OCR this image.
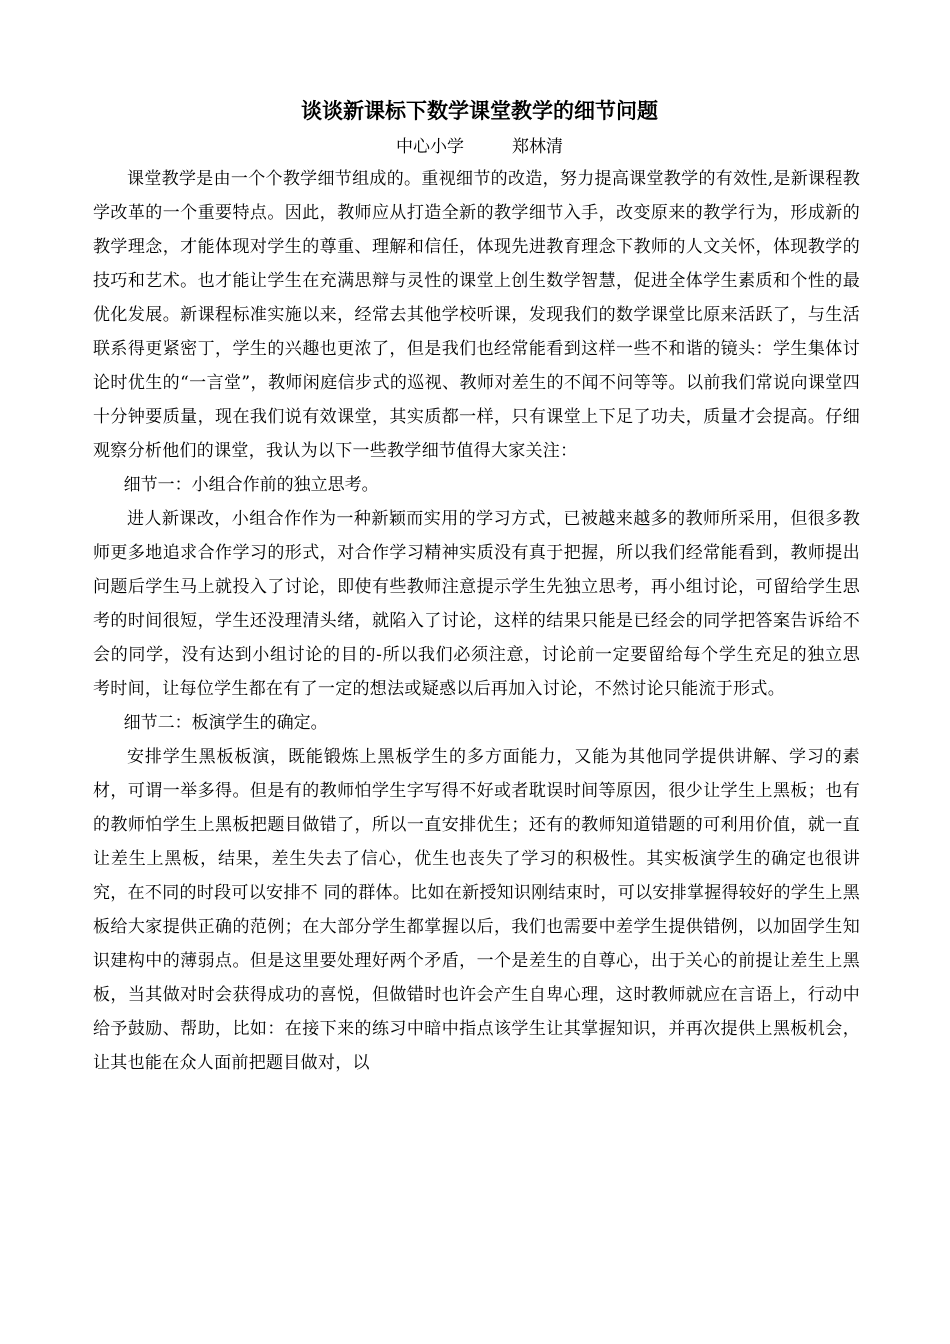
谈谈新课标下数学课堂教学的细节问题

中心小学	郑林清

课堂教学是由一个个教学细节组成的。重视细节的改造，努力提高课堂教学的有效性,是新课程教学改革的一个重要特点。因此，教师应从打造全新的教学细节入手，改变原来的教学行为，形成新的教学理念，才能体现对学生的尊重、理解和信任，体现先进教育理念下教师的人文关怀，体现教学的技巧和艺术。也才能让学生在充满思辩与灵性的课堂上创生数学智慧，促进全体学生素质和个性的最优化发展。新课程标准实施以来，经常去其他学校听课，发现我们的数学课堂比原来活跃了，与生活联系得更紧密丁，学生的兴趣也更浓了，但是我们也经常能看到这样一些不和谐的镜头：学生集体讨论时优生的“一言堂”，教师闲庭信步式的巡视、教师对差生的不闻不问等等。以前我们常说向课堂四十分钟要质量，现在我们说有效课堂，其实质都一样，只有课堂上下足了功夫，质量才会提高。仔细观察分析他们的课堂，我认为以下一些教学细节值得大家关注：

细节一：小组合作前的独立思考。

进人新课改，小组合作作为一种新颖而实用的学习方式，已被越来越多的教师所采用，但很多教师更多地追求合作学习的形式，对合作学习精神实质没有真于把握，所以我们经常能看到，教师提出问题后学生马上就投入了讨论，即使有些教师注意提示学生先独立思考，再小组讨论，可留给学生思考的时间很短，学生还没理清头绪，就陷入了讨论，这样的结果只能是已经会的同学把答案告诉给不会的同学，没有达到小组讨论的目的-所以我们必须注意，讨论前一定要留给每个学生充足的独立思考时间，让每位学生都在有了一定的想法或疑惑以后再加入讨论，不然讨论只能流于形式。

细节二：板演学生的确定。

安排学生黑板板演，既能锻炼上黑板学生的多方面能力，又能为其他同学提供讲解、学习的素材，可谓一举多得。但是有的教师怕学生字写得不好或者耽误时间等原因，很少让学生上黑板；也有的教师怕学生上黑板把题目做错了，所以一直安排优生；还有的教师知道错题的可利用价值，就一直让差生上黑板，结果，差生失去了信心，优生也丧失了学习的积极性。其实板演学生的确定也很讲究，在不同的时段可以安排不 同的群体。比如在新授知识刚结束时，可以安排掌握得较好的学生上黑板给大家提供正确的范例；在大部分学生都掌握以后，我们也需要中差学生提供错例，以加固学生知识建构中的薄弱点。但是这里要处理好两个矛盾，一个是差生的自尊心，出于关心的前提让差生上黑板，当其做对时会获得成功的喜悦，但做错时也许会产生自卑心理，这时教师就应在言语上，行动中给予鼓励、帮助，比如：在接下来的练习中暗中指点该学生让其掌握知识，并再次提供上黑板机会，让其也能在众人面前把题目做对，以
